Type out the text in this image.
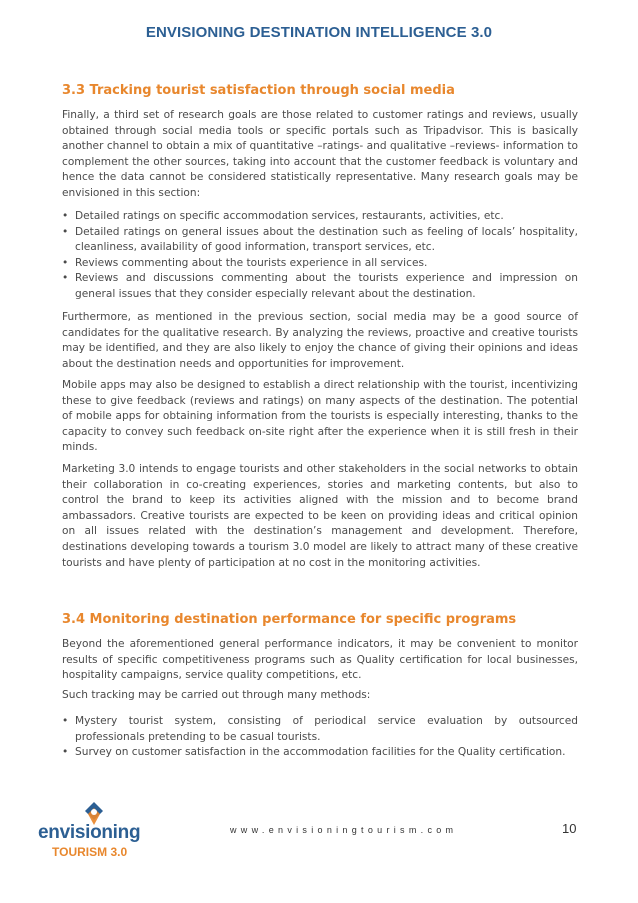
ENVISIONING DESTINATION INTELLIGENCE 3.0
3.3 Tracking tourist satisfaction through social media

Finally, a third set of research goals are those related to customer ratings and reviews, usually obtained through social media tools or specific portals such as Tripadvisor. This is basically another channel to obtain a mix of quantitative –ratings- and qualitative –reviews- information to complement the other sources, taking into account that the customer feedback is voluntary and hence the data cannot be considered statistically representative. Many research goals may be envisioned in this section:

• Detailed ratings on specific accommodation services, restaurants, activities, etc.
• Detailed ratings on general issues about the destination such as feeling of locals’ hospitality, cleanliness, availability of good information, transport services, etc.
• Reviews commenting about the tourists experience in all services.
• Reviews and discussions commenting about the tourists experience and impression on general issues that they consider especially relevant about the destination.

Furthermore, as mentioned in the previous section, social media may be a good source of candidates for the qualitative research. By analyzing the reviews, proactive and creative tourists may be identified, and they are also likely to enjoy the chance of giving their opinions and ideas about the destination needs and opportunities for improvement.

Mobile apps may also be designed to establish a direct relationship with the tourist, incentivizing these to give feedback (reviews and ratings) on many aspects of the destination. The potential of mobile apps for obtaining information from the tourists is especially interesting, thanks to the capacity to convey such feedback on-site right after the experience when it is still fresh in their minds.

Marketing 3.0 intends to engage tourists and other stakeholders in the social networks to obtain their collaboration in co-creating experiences, stories and marketing contents, but also to control the brand to keep its activities aligned with the mission and to become brand ambassadors. Creative tourists are expected to be keen on providing ideas and critical opinion on all issues related with the destination’s management and development. Therefore, destinations developing towards a tourism 3.0 model are likely to attract many of these creative tourists and have plenty of participation at no cost in the monitoring activities.

3.4 Monitoring destination performance for specific programs

Beyond the aforementioned general performance indicators, it may be convenient to monitor results of specific competitiveness programs such as Quality certification for local businesses, hospitality campaigns, service quality competitions, etc.

Such tracking may be carried out through many methods:

• Mystery tourist system, consisting of periodical service evaluation by outsourced professionals pretending to be casual tourists.
• Survey on customer satisfaction in the accommodation facilities for the Quality certification.
envisioning
TOURISM 3.0
www.envisioningtourism.com	10
